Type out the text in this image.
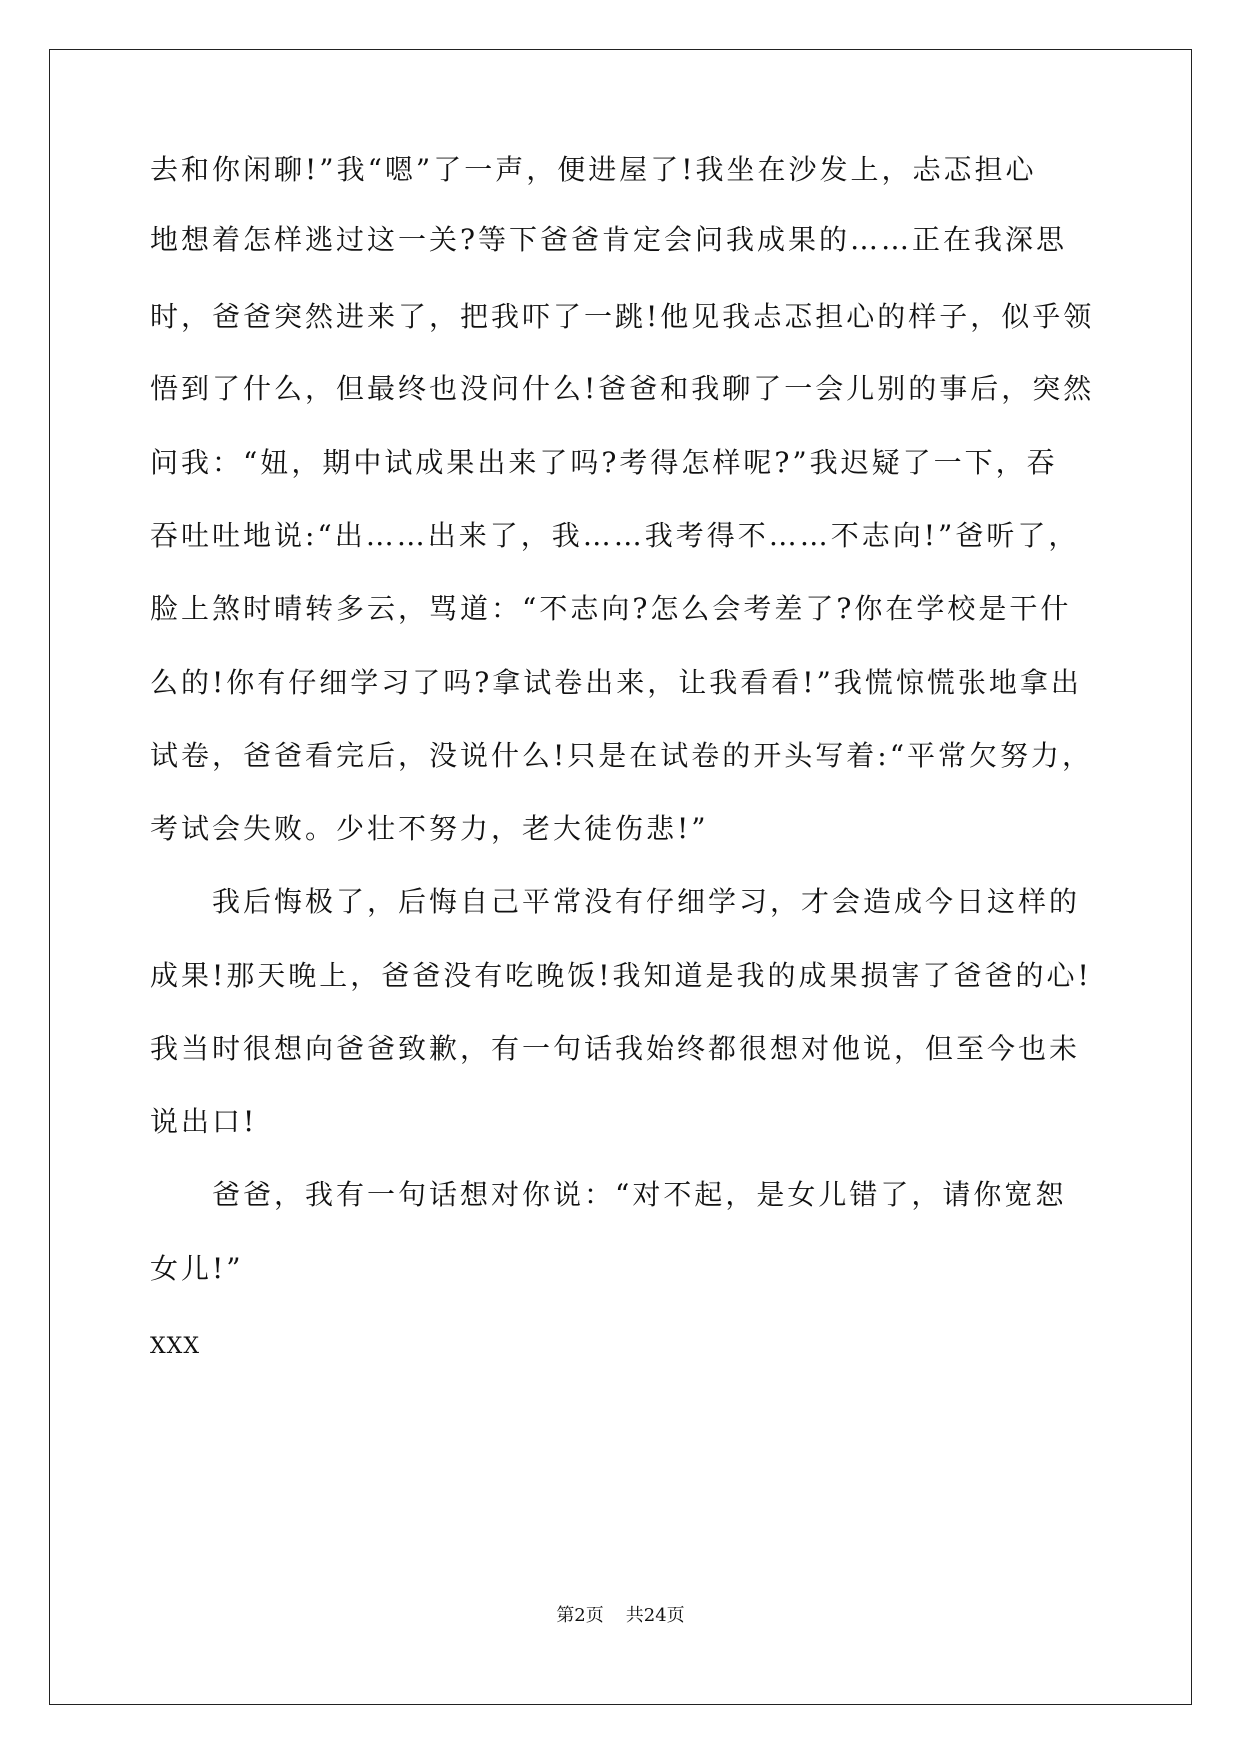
去和你闲聊!”我“嗯”了一声，便进屋了!我坐在沙发上，忐忑担心
地想着怎样逃过这一关?等下爸爸肯定会问我成果的……正在我深思
时，爸爸突然进来了，把我吓了一跳!他见我忐忑担心的样子，似乎领
悟到了什么，但最终也没问什么!爸爸和我聊了一会儿别的事后，突然
问我：“妞，期中试成果出来了吗?考得怎样呢?”我迟疑了一下，吞
吞吐吐地说:“出……出来了，我……我考得不……不志向!”爸听了，
脸上煞时晴转多云，骂道：“不志向?怎么会考差了?你在学校是干什
么的!你有仔细学习了吗?拿试卷出来，让我看看!”我慌惊慌张地拿出
试卷，爸爸看完后，没说什么!只是在试卷的开头写着:“平常欠努力，
考试会失败。少壮不努力，老大徒伤悲!”
我后悔极了，后悔自己平常没有仔细学习，才会造成今日这样的
成果!那天晚上，爸爸没有吃晚饭!我知道是我的成果损害了爸爸的心!
我当时很想向爸爸致歉，有一句话我始终都很想对他说，但至今也未
说出口!
爸爸，我有一句话想对你说：“对不起，是女儿错了，请你宽恕
女儿!”
XXX
第2页 共24页
